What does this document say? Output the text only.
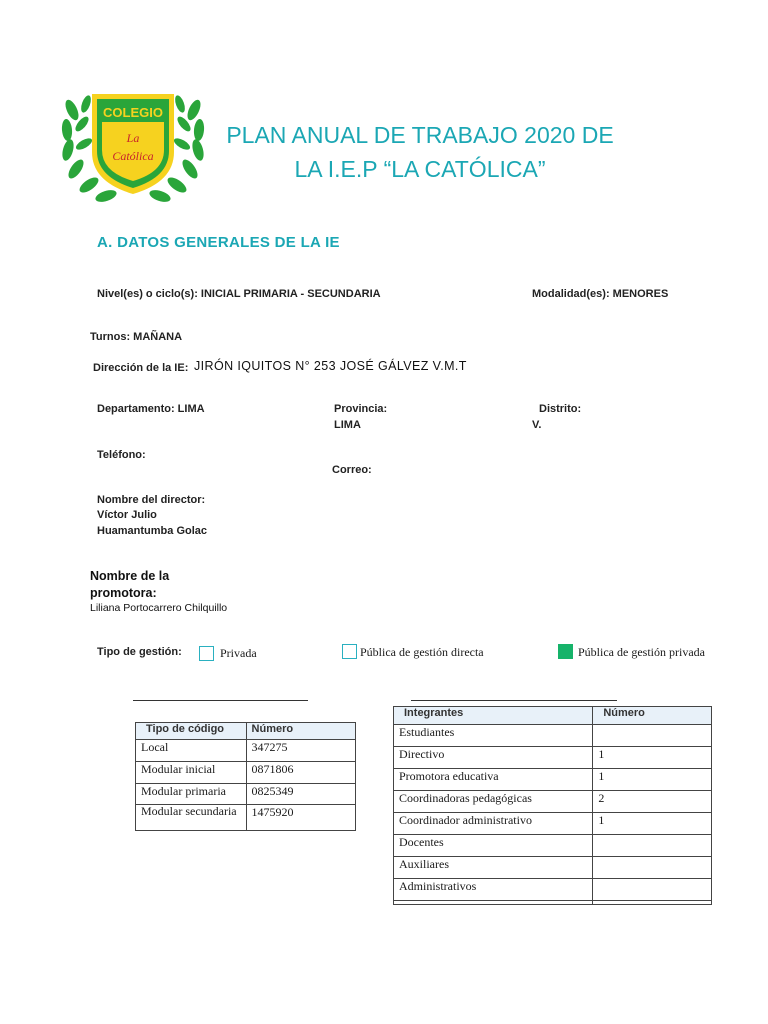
COLEGIO
La
Católica
PLAN ANUAL DE TRABAJO 2020 DE
LA I.E.P “LA CATÓLICA”
A. DATOS GENERALES DE LA IE
Nivel(es) o ciclo(s): INICIAL PRIMARIA - SECUNDARIA	Modalidad(es): MENORES
Turnos: MAÑANA
Dirección de la IE: JIRÓN IQUITOS N° 253 JOSÉ GÁLVEZ V.M.T
Departamento: LIMA	Provincia:
LIMA
Distrito:
V.
Teléfono:
Correo:
Nombre del director:
Víctor Julio
Huamantumba Golac
Nombre de la
promotora:
Liliana Portocarrero Chilquillo
Tipo de gestión:	Privada	Pública de gestión directa	Pública de gestión privada
Tipo de código	Número
Local	347275
Modular inicial	0871806
Modular primaria	0825349
Modular secundaria	1475920
Integrantes	Número
Estudiantes	
Directivo	1
Promotora educativa	1
Coordinadoras pedagógicas	2
Coordinador administrativo	1
Docentes	
Auxiliares	
Administrativos	
